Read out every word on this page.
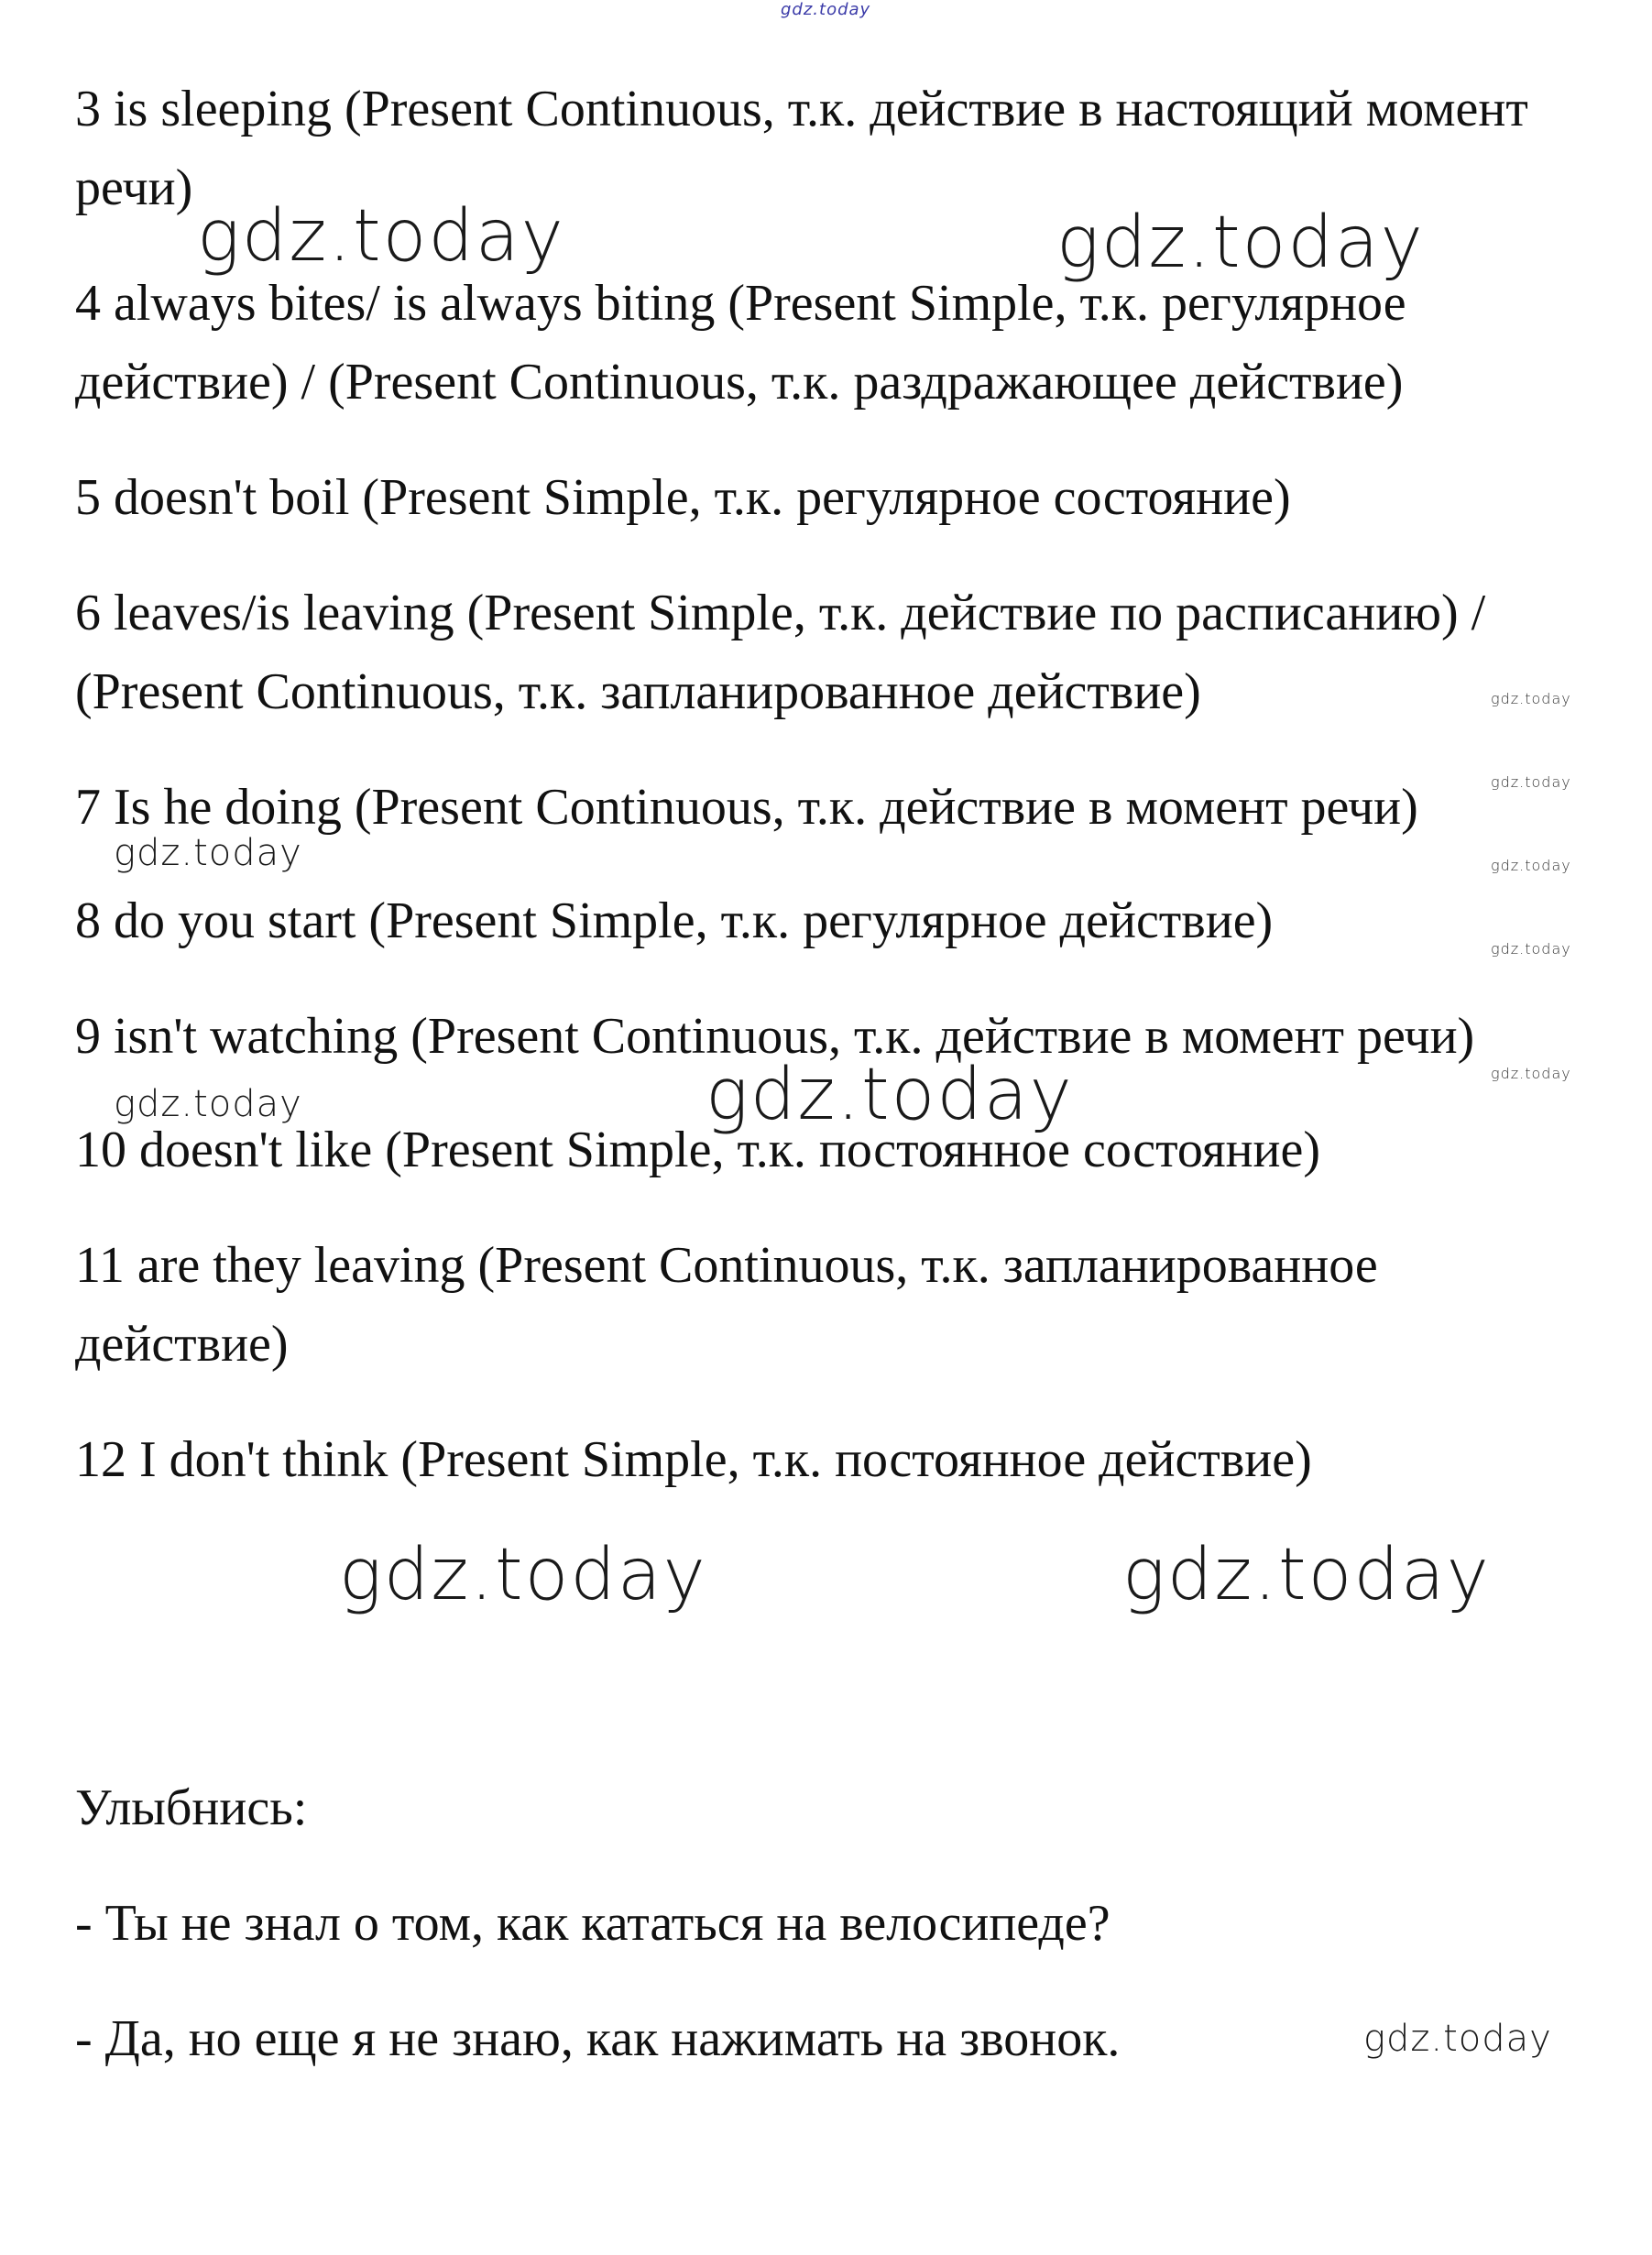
gdz.today

3 is sleeping (Present Continuous, т.к. действие в настоящий момент

речи)

4 always bites/ is always biting (Present Simple, т.к. регулярное

действие) / (Present Continuous, т.к. раздражающее действие)

5 doesn't boil (Present Simple, т.к. регулярное состояние)

6 leaves/is leaving (Present Simple, т.к. действие по расписанию) /

(Present Continuous, т.к. запланированное действие)

7 Is he doing (Present Continuous, т.к. действие в момент речи)

8 do you start (Present Simple, т.к. регулярное действие)

9 isn't watching (Present Continuous, т.к. действие в момент речи)

10 doesn't like (Present Simple, т.к. постоянное состояние)

11 are they leaving (Present Continuous, т.к. запланированное

действие)

12 I don't think (Present Simple, т.к. постоянное действие)

Улыбнись:

- Ты не знал о том, как кататься на велосипеде?

- Да, но еще я не знаю, как нажимать на звонок.

gdz.today	gdz.today
gdz.today
gdz.today	gdz.today
gdz.today
gdz.today
gdz.today
gdz.today
gdz.today
gdz.today
gdz.today
gdz.today
